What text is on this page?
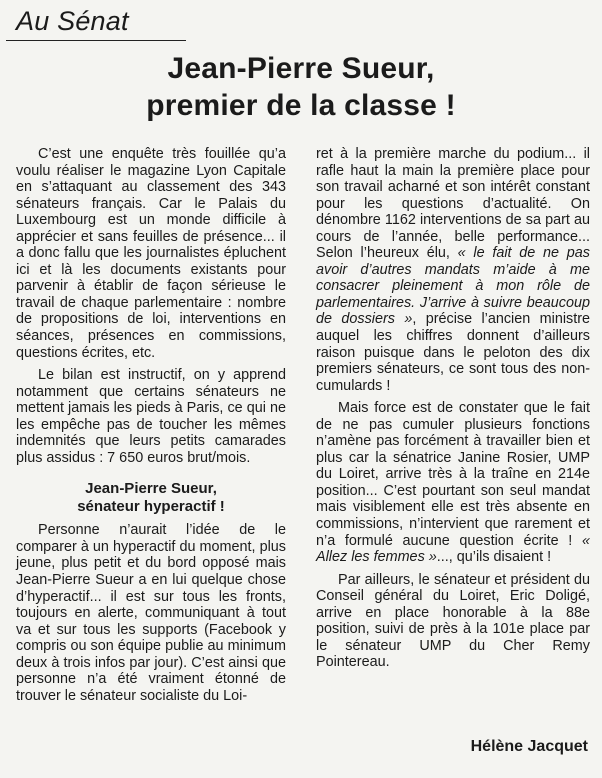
Au Sénat
Jean-Pierre Sueur,
premier de la classe !

C’est une enquête très fouillée qu’a voulu réaliser le magazine Lyon Capitale en s’attaquant au classement des 343 sénateurs français. Car le Palais du Luxembourg est un monde difficile à apprécier et sans feuilles de présence... il a donc fallu que les journalistes épluchent ici et là les documents existants pour parvenir à établir de façon sérieuse le travail de chaque parlementaire : nombre de propositions de loi, interventions en séances, présences en commissions, questions écrites, etc.

Le bilan est instructif, on y apprend notamment que certains sénateurs ne mettent jamais les pieds à Paris, ce qui ne les empêche pas de toucher les mêmes indemnités que leurs petits camarades plus assidus : 7 650 euros brut/mois.

Jean-Pierre Sueur,
sénateur hyperactif !

Personne n’aurait l’idée de le comparer à un hyperactif du moment, plus jeune, plus petit et du bord opposé mais Jean-Pierre Sueur a en lui quelque chose d’hyperactif... il est sur tous les fronts, toujours en alerte, communiquant à tout va et sur tous les supports (Facebook y compris ou son équipe publie au minimum deux à trois infos par jour). C’est ainsi que personne n’a été vraiment étonné de trouver le sénateur socialiste du Loi-

ret à la première marche du podium... il rafle haut la main la première place pour son travail acharné et son intérêt constant pour les questions d’actualité. On dénombre 1162 interventions de sa part au cours de l’année, belle performance... Selon l’heureux élu, « le fait de ne pas avoir d’autres mandats m’aide à me consacrer pleinement à mon rôle de parlementaires. J’arrive à suivre beaucoup de dossiers », précise l’ancien ministre auquel les chiffres donnent d’ailleurs raison puisque dans le peloton des dix premiers sénateurs, ce sont tous des non-cumulards !

Mais force est de constater que le fait de ne pas cumuler plusieurs fonctions n’amène pas forcément à travailler bien et plus car la sénatrice Janine Rosier, UMP du Loiret, arrive très à la traîne en 214e position... C’est pourtant son seul mandat mais visiblement elle est très absente en commissions, n’intervient que rarement et n’a formulé aucune question écrite ! « Allez les femmes »..., qu’ils disaient !

Par ailleurs, le sénateur et président du Conseil général du Loiret, Eric Doligé, arrive en place honorable à la 88e position, suivi de près à la 101e place par le sénateur UMP du Cher Remy Pointereau.

Hélène Jacquet
